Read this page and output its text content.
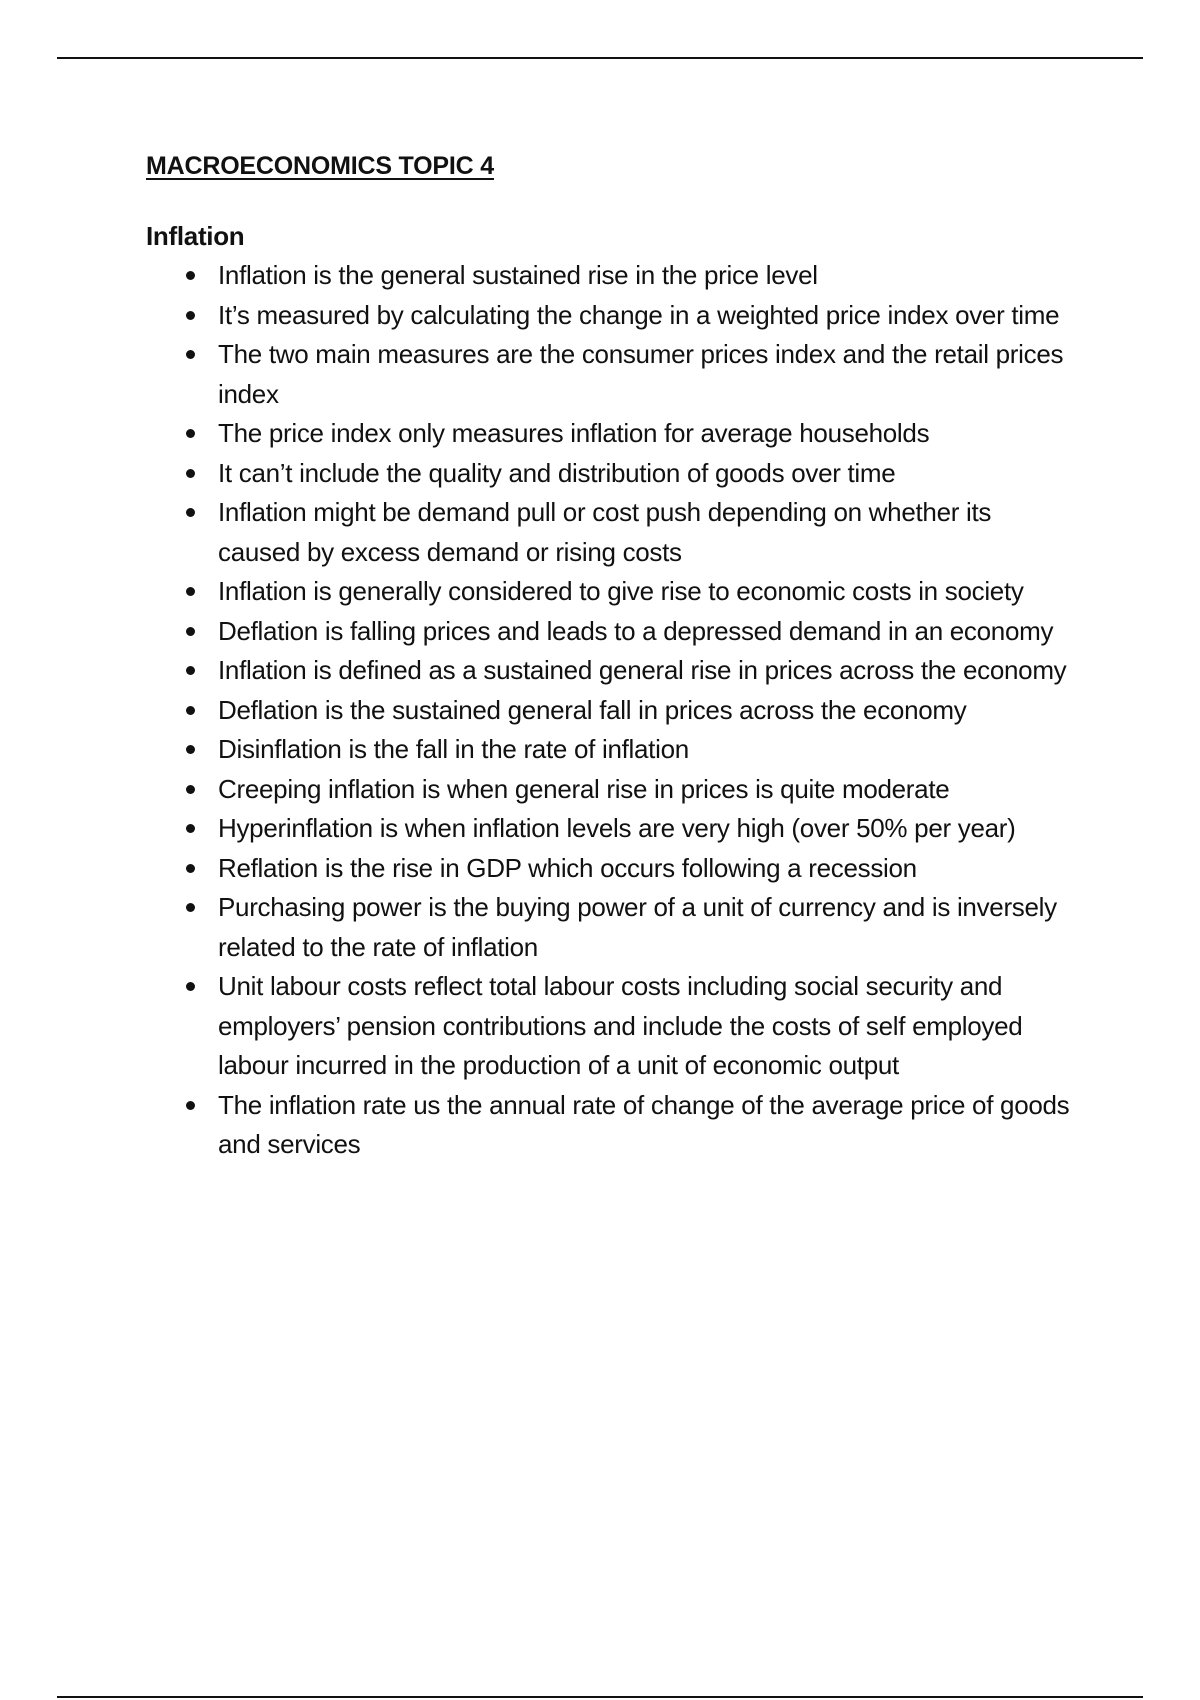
MACROECONOMICS TOPIC 4
Inflation
Inflation is the general sustained rise in the price level
It’s measured by calculating the change in a weighted price index over time
The two main measures are the consumer prices index and the retail prices index
The price index only measures inflation for average households
It can’t include the quality and distribution of goods over time
Inflation might be demand pull or cost push depending on whether its caused by excess demand or rising costs
Inflation is generally considered to give rise to economic costs in society
Deflation is falling prices and leads to a depressed demand in an economy
Inflation is defined as a sustained general rise in prices across the economy
Deflation is the sustained general fall in prices across the economy
Disinflation is the fall in the rate of inflation
Creeping inflation is when general rise in prices is quite moderate
Hyperinflation is when inflation levels are very high (over 50% per year)
Reflation is the rise in GDP which occurs following a recession
Purchasing power is the buying power of a unit of currency and is inversely related to the rate of inflation
Unit labour costs reflect total labour costs including social security and employers’ pension contributions and include the costs of self employed labour incurred in the production of a unit of economic output
The inflation rate us the annual rate of change of the average price of goods and services
